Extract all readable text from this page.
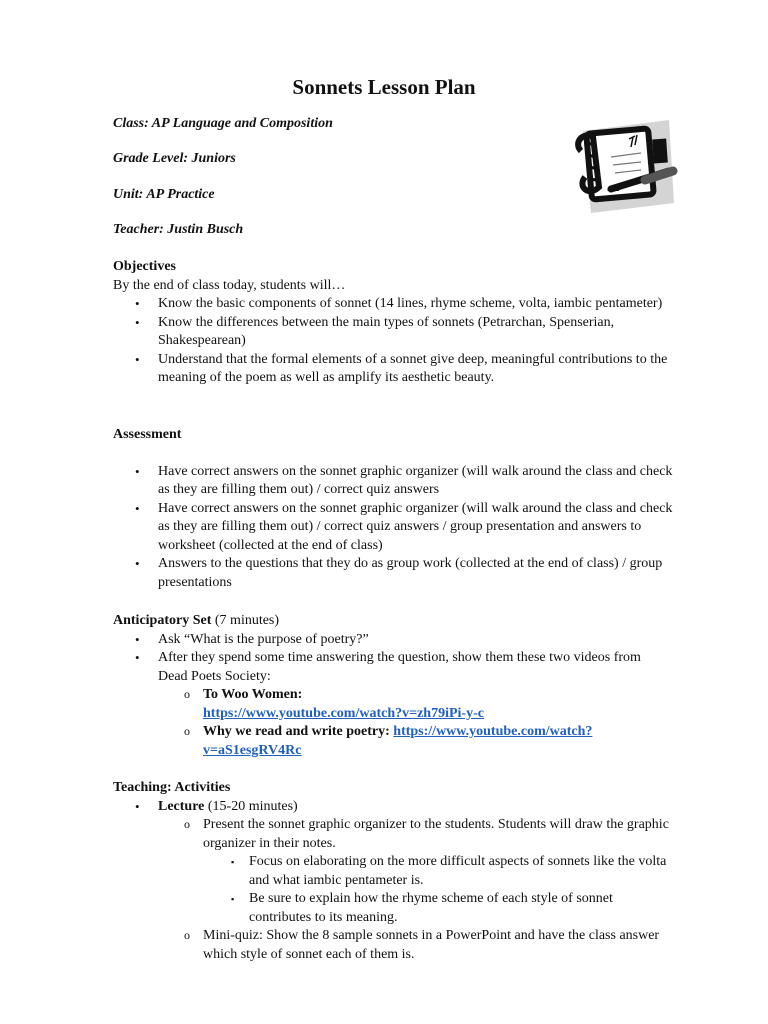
Sonnets Lesson Plan
Class: AP Language and Composition
Grade Level: Juniors
Unit: AP Practice
Teacher: Justin Busch
Objectives
By the end of class today, students will…
• Know the basic components of sonnet (14 lines, rhyme scheme, volta, iambic pentameter)
• Know the differences between the main types of sonnets (Petrarchan, Spenserian, Shakespearean)
• Understand that the formal elements of a sonnet give deep, meaningful contributions to the meaning of the poem as well as amplify its aesthetic beauty.
Assessment
• Have correct answers on the sonnet graphic organizer (will walk around the class and check as they are filling them out) / correct quiz answers
• Have correct answers on the sonnet graphic organizer (will walk around the class and check as they are filling them out) / correct quiz answers / group presentation and answers to worksheet (collected at the end of class)
• Answers to the questions that they do as group work (collected at the end of class) / group presentations
Anticipatory Set (7 minutes)
• Ask “What is the purpose of poetry?”
• After they spend some time answering the question, show them these two videos from Dead Poets Society:
o To Woo Women:
https://www.youtube.com/watch?v=zh79iPi-y-c
o Why we read and write poetry: https://www.youtube.com/watch?
v=aS1esgRV4Rc
Teaching: Activities
• Lecture (15-20 minutes)
o Present the sonnet graphic organizer to the students. Students will draw the graphic organizer in their notes.
▪ Focus on elaborating on the more difficult aspects of sonnets like the volta and what iambic pentameter is.
▪ Be sure to explain how the rhyme scheme of each style of sonnet contributes to its meaning.
o Mini-quiz: Show the 8 sample sonnets in a PowerPoint and have the class answer which style of sonnet each of them is.
